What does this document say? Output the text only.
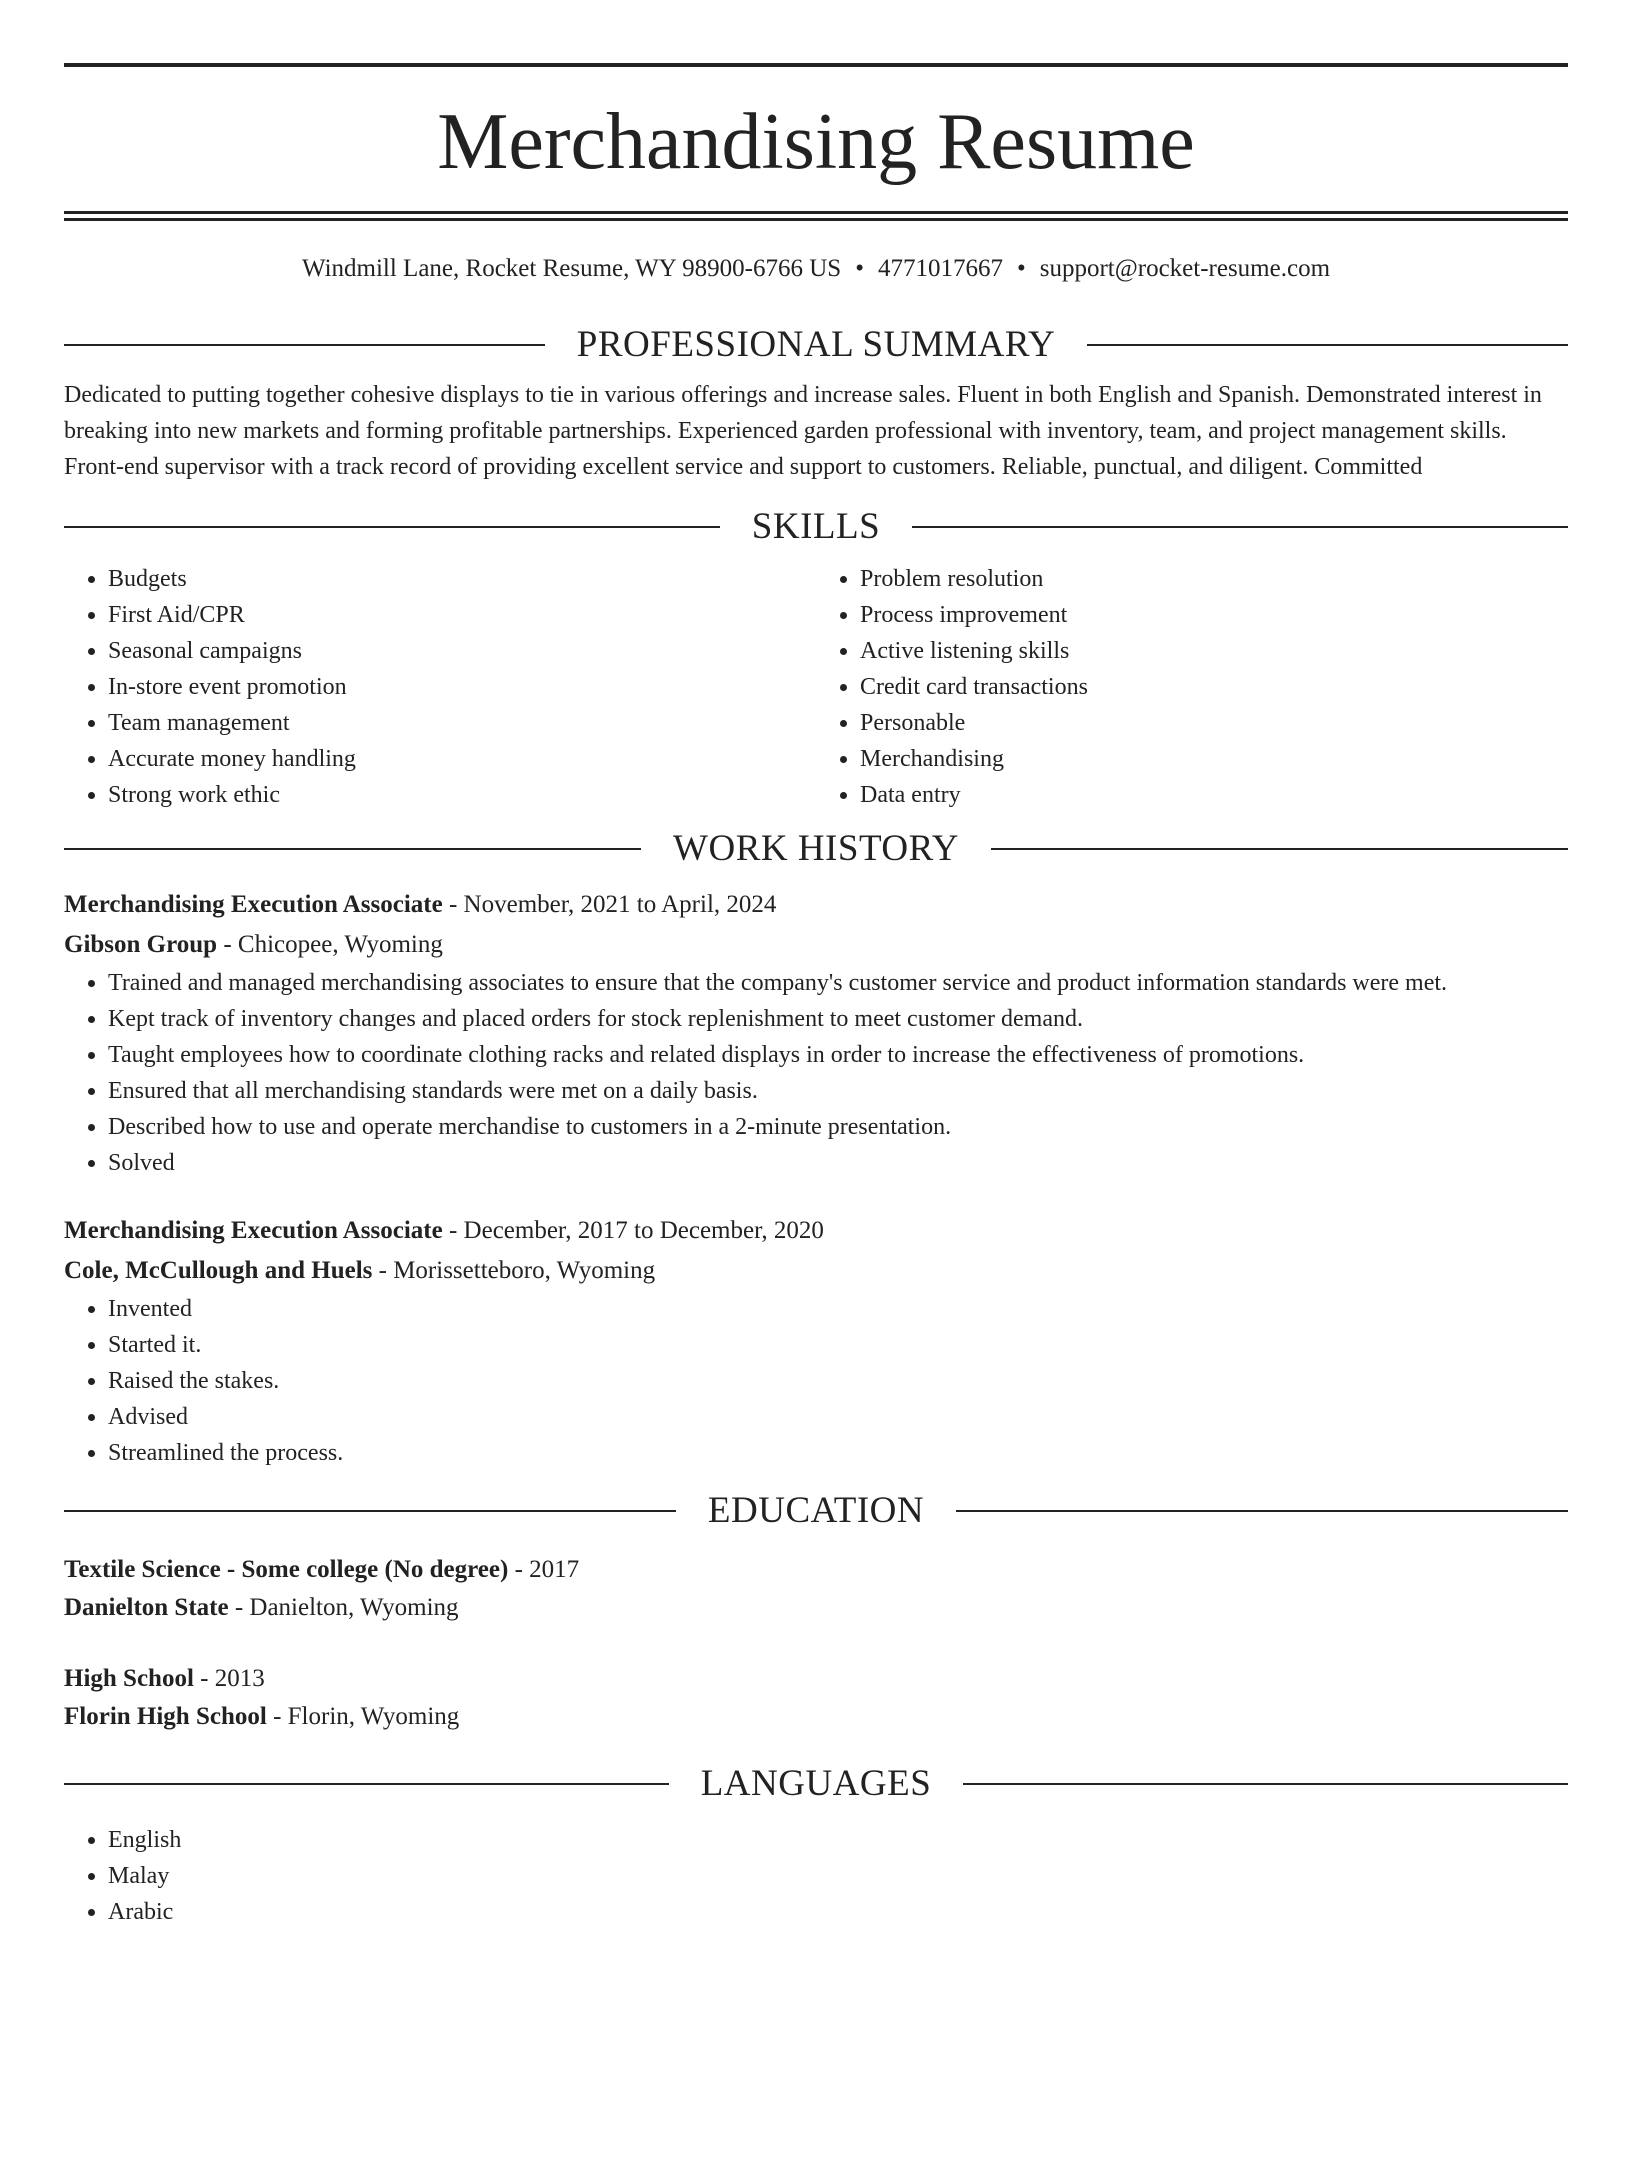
Merchandising Resume
Windmill Lane, Rocket Resume, WY 98900-6766 US • 4771017667 • support@rocket-resume.com
PROFESSIONAL SUMMARY

Dedicated to putting together cohesive displays to tie in various offerings and increase sales. Fluent in both English and Spanish. Demonstrated interest in breaking into new markets and forming profitable partnerships. Experienced garden professional with inventory, team, and project management skills. Front-end supervisor with a track record of providing excellent service and support to customers. Reliable, punctual, and diligent. Committed

SKILLS
• Budgets
• First Aid/CPR
• Seasonal campaigns
• In-store event promotion
• Team management
• Accurate money handling
• Strong work ethic
• Problem resolution
• Process improvement
• Active listening skills
• Credit card transactions
• Personable
• Merchandising
• Data entry
WORK HISTORY
Merchandising Execution Associate - November, 2021 to April, 2024
Gibson Group - Chicopee, Wyoming
• Trained and managed merchandising associates to ensure that the company's customer service and product information standards were met.
• Kept track of inventory changes and placed orders for stock replenishment to meet customer demand.
• Taught employees how to coordinate clothing racks and related displays in order to increase the effectiveness of promotions.
• Ensured that all merchandising standards were met on a daily basis.
• Described how to use and operate merchandise to customers in a 2-minute presentation.
• Solved
Merchandising Execution Associate - December, 2017 to December, 2020
Cole, McCullough and Huels - Morissetteboro, Wyoming
• Invented
• Started it.
• Raised the stakes.
• Advised
• Streamlined the process.
EDUCATION
Textile Science - Some college (No degree) - 2017
Danielton State - Danielton, Wyoming
High School - 2013
Florin High School - Florin, Wyoming
LANGUAGES
• English
• Malay
• Arabic
